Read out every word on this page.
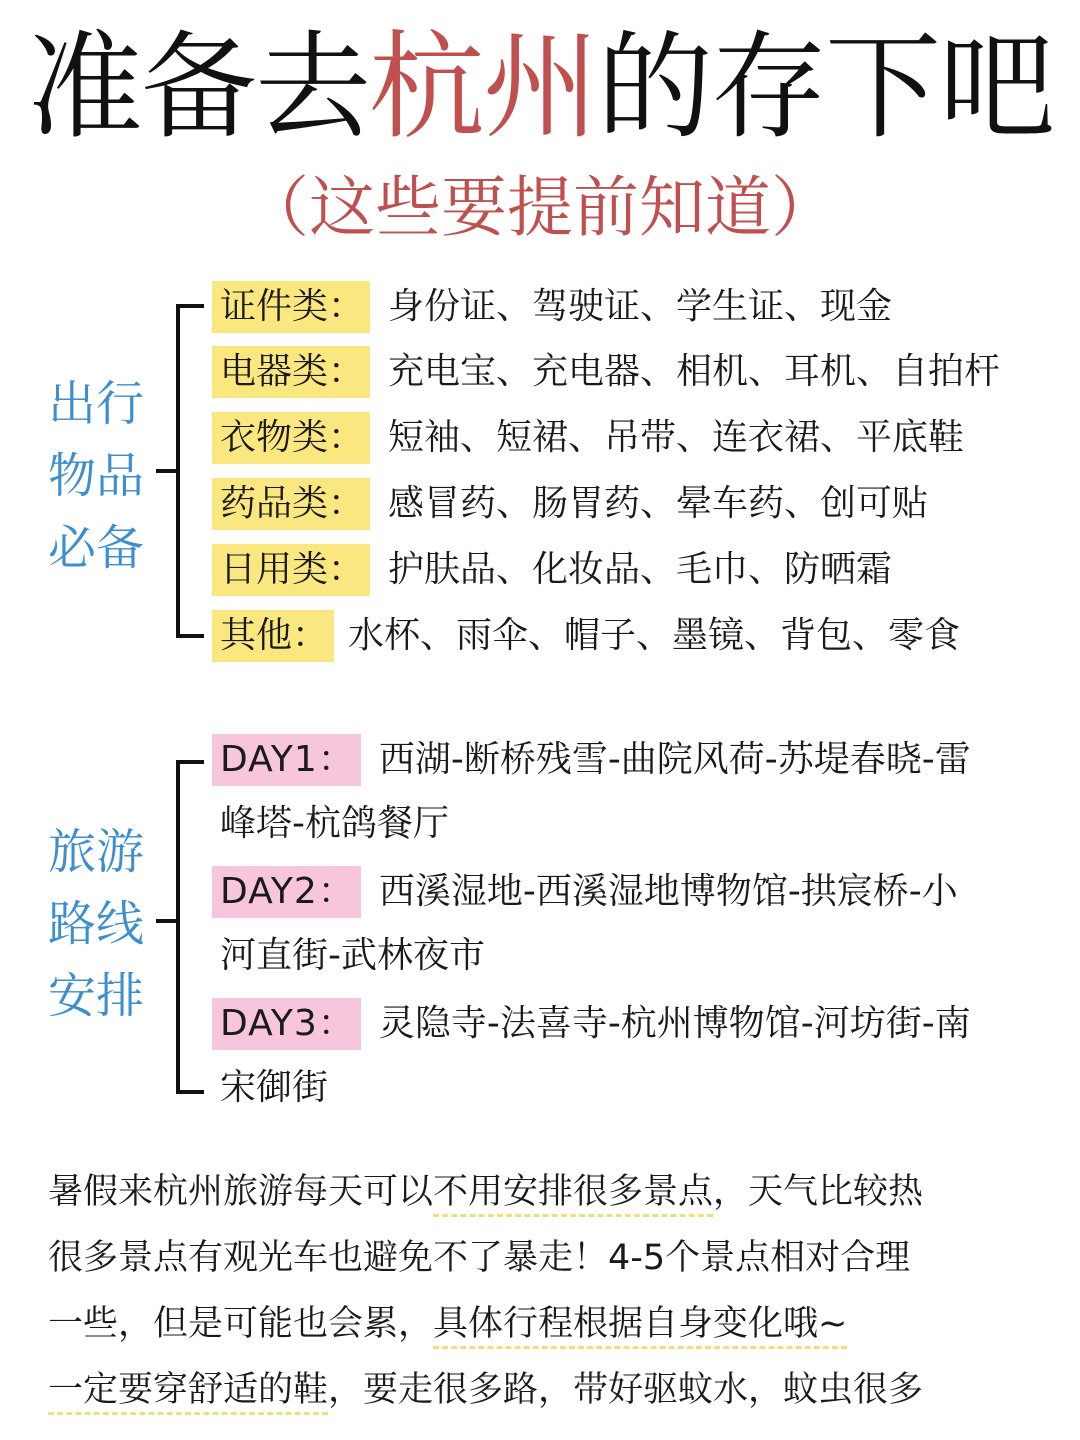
准备去杭州的存下吧
（这些要提前知道）
出行
物品
必备
证件类： 身份证、驾驶证、学生证、现金
电器类： 充电宝、充电器、相机、耳机、自拍杆
衣物类： 短袖、短裙、吊带、连衣裙、平底鞋
药品类： 感冒药、肠胃药、晕车药、创可贴
日用类： 护肤品、化妆品、毛巾、防晒霜
其他： 水杯、雨伞、帽子、墨镜、背包、零食
旅游
路线
安排
DAY1： 西湖-断桥残雪-曲院风荷-苏堤春晓-雷
峰塔-杭鸽餐厅
DAY2： 西溪湿地-西溪湿地博物馆-拱宸桥-小
河直街-武林夜市
DAY3： 灵隐寺-法喜寺-杭州博物馆-河坊街-南
宋御街
暑假来杭州旅游每天可以不用安排很多景点，天气比较热
很多景点有观光车也避免不了暴走！4-5个景点相对合理
一些，但是可能也会累，具体行程根据自身变化哦~
一定要穿舒适的鞋，要走很多路，带好驱蚊水，蚊虫很多
